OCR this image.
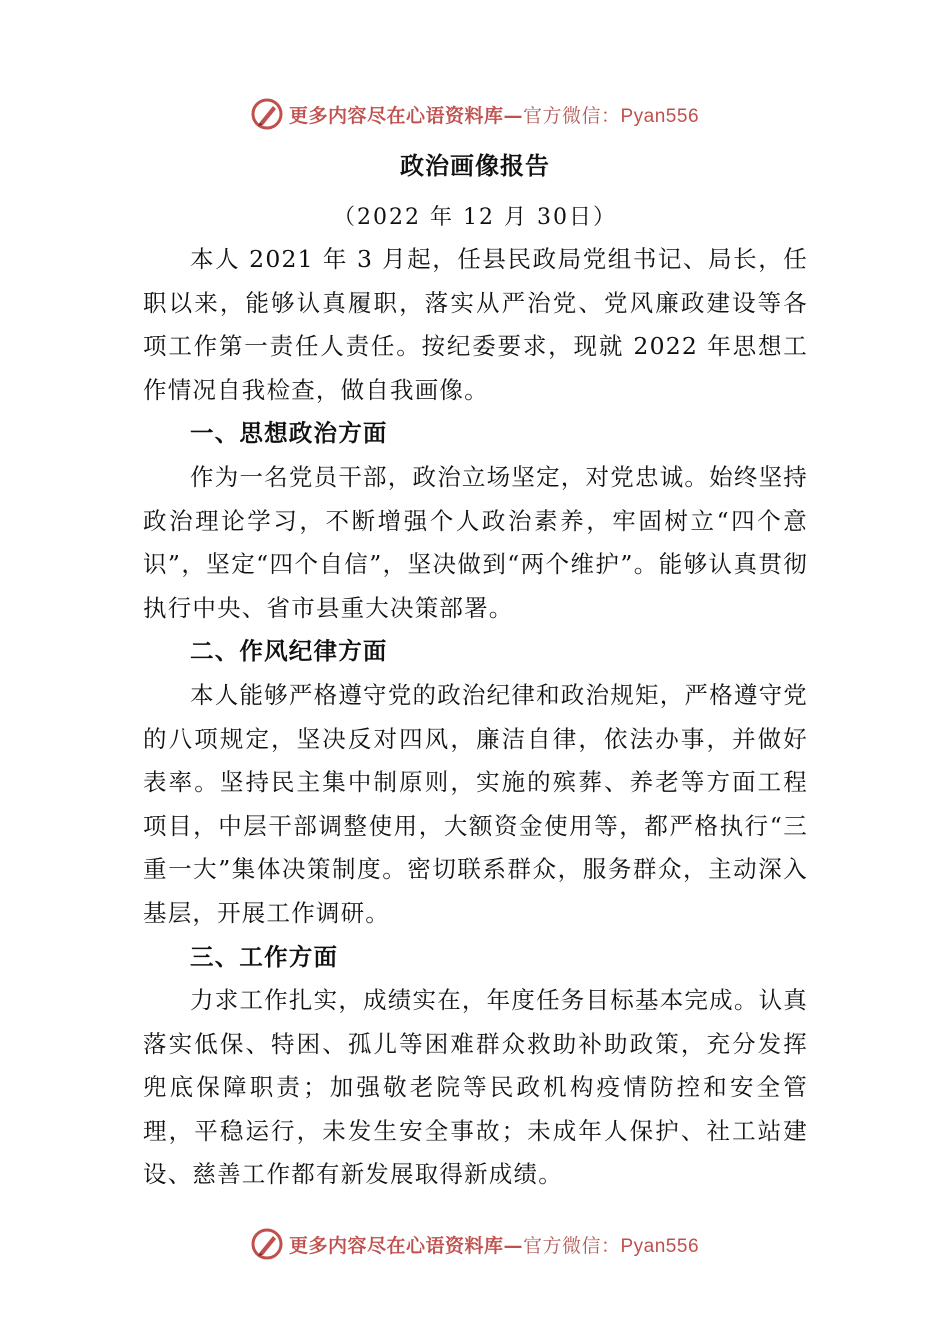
更多内容尽在心语资料库—官方微信：Pyan556
政治画像报告
（2022 年 12 月 30日）

本人 2021 年 3 月起，任县民政局党组书记、局长，任职以来，能够认真履职，落实从严治党、党风廉政建设等各项工作第一责任人责任。按纪委要求，现就 2022 年思想工作情况自我检查，做自我画像。

一、思想政治方面

作为一名党员干部，政治立场坚定，对党忠诚。始终坚持政治理论学习，不断增强个人政治素养，牢固树立“四个意识”，坚定“四个自信”，坚决做到“两个维护”。能够认真贯彻执行中央、省市县重大决策部署。

二、作风纪律方面

本人能够严格遵守党的政治纪律和政治规矩，严格遵守党的八项规定，坚决反对四风，廉洁自律，依法办事，并做好表率。坚持民主集中制原则，实施的殡葬、养老等方面工程项目，中层干部调整使用，大额资金使用等，都严格执行“三重一大”集体决策制度。密切联系群众，服务群众，主动深入基层，开展工作调研。

三、工作方面

力求工作扎实，成绩实在，年度任务目标基本完成。认真落实低保、特困、孤儿等困难群众救助补助政策，充分发挥兜底保障职责；加强敬老院等民政机构疫情防控和安全管理，平稳运行，未发生安全事故；未成年人保护、社工站建设、慈善工作都有新发展取得新成绩。

更多内容尽在心语资料库—官方微信：Pyan556
